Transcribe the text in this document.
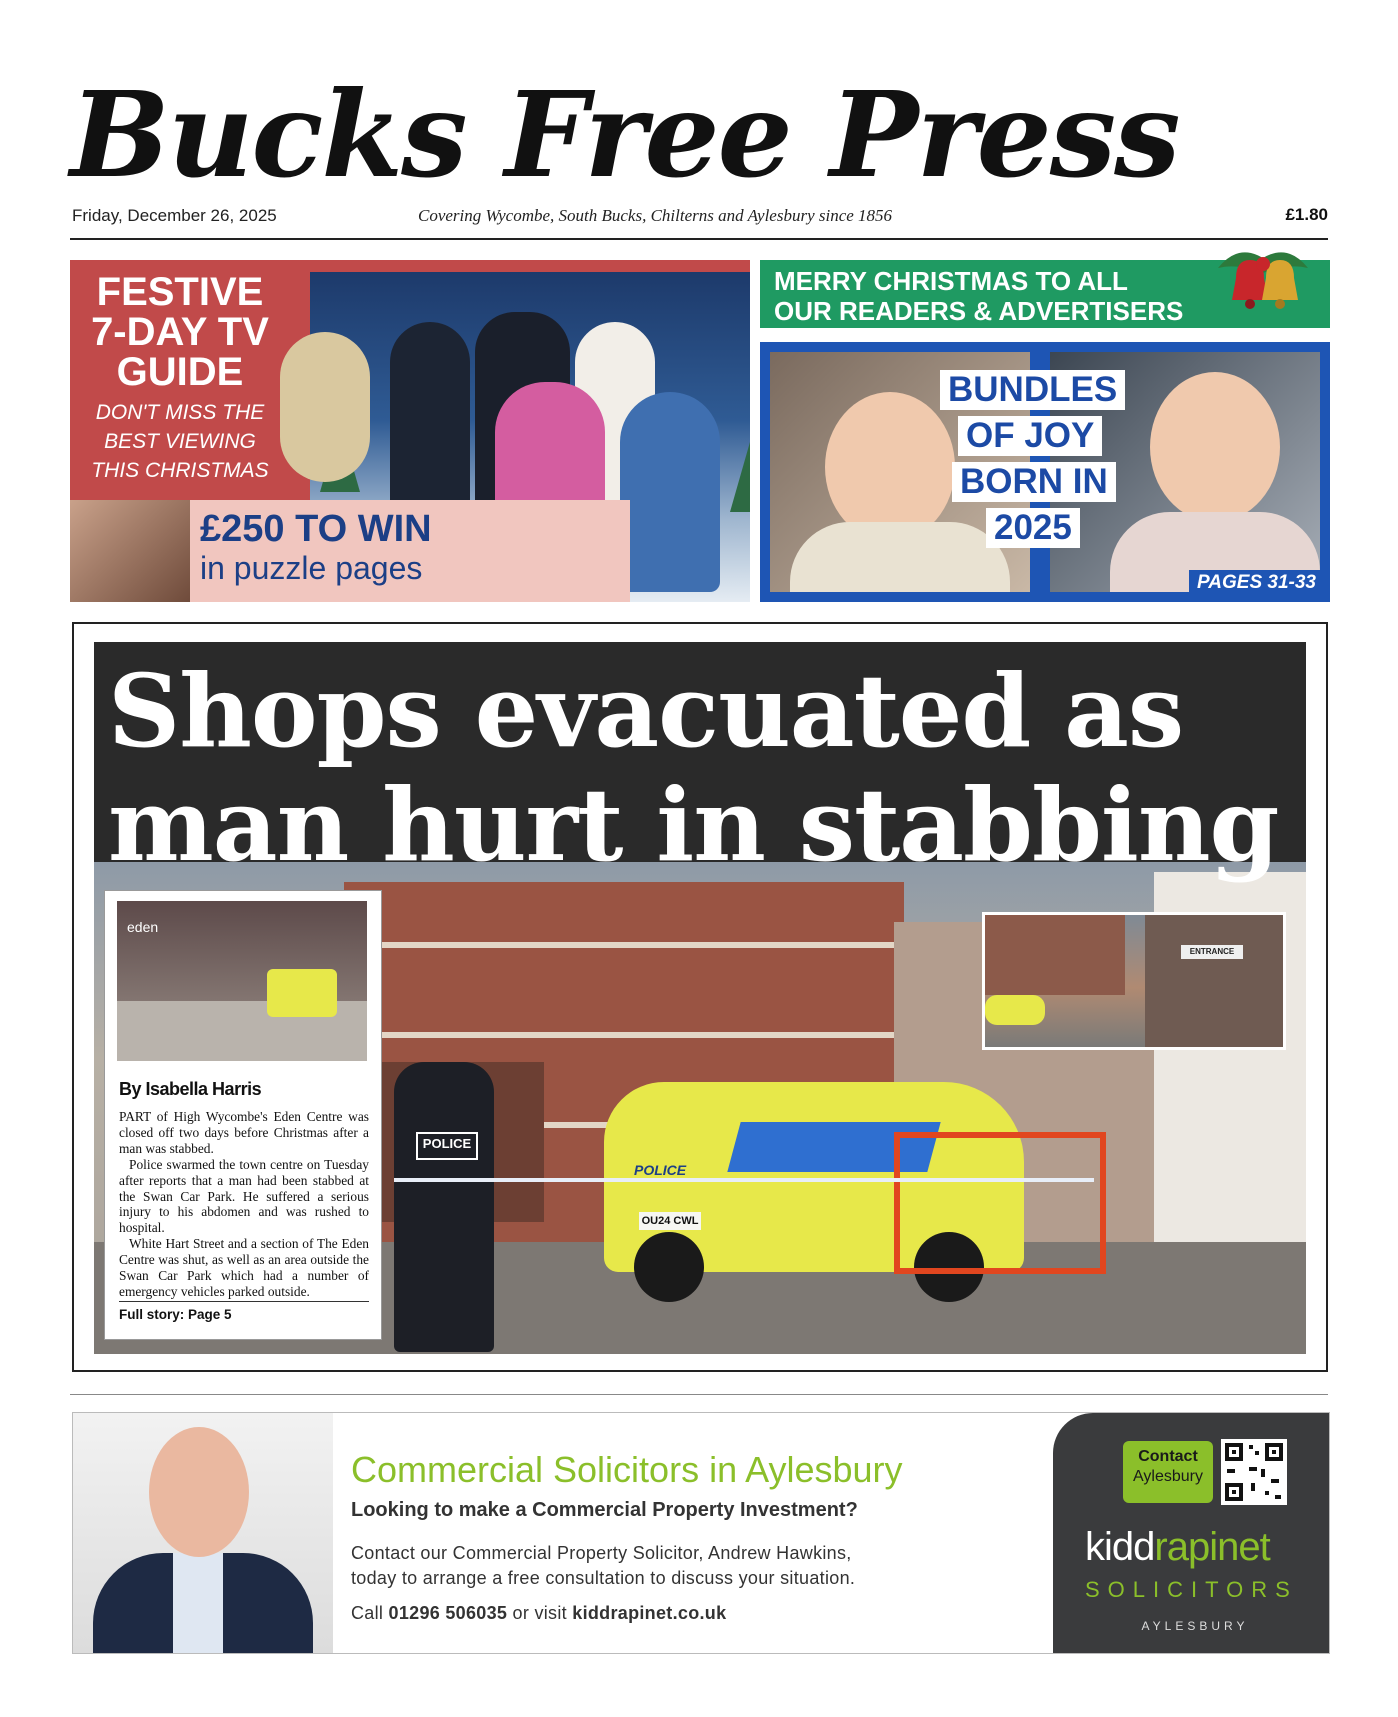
Bucks Free Press
Friday, December 26, 2025	Covering Wycombe, South Bucks, Chilterns and Aylesbury since 1856	£1.80
FESTIVE
7-DAY TV
GUIDE
DON'T MISS THE
BEST VIEWING
THIS CHRISTMAS
£250 TO WIN
in puzzle pages
MERRY CHRISTMAS TO ALL
OUR READERS & ADVERTISERS
BUNDLES
OF JOY
BORN IN
2025
PAGES 31-33
POLICE
POLICE
OU24 CWL
Shops evacuated as
man hurt in stabbing
ENTRANCE
eden
By Isabella Harris

PART of High Wycombe's Eden Centre was closed off two days before Christmas after a man was stabbed.

Police swarmed the town centre on Tuesday after reports that a man had been stabbed at the Swan Car Park. He suffered a serious injury to his abdomen and was rushed to hospital.

White Hart Street and a section of The Eden Centre was shut, as well as an area outside the Swan Car Park which had a number of emergency vehicles parked outside.

Full story: Page 5
Commercial Solicitors in Aylesbury
Looking to make a Commercial Property Investment?
Contact our Commercial Property Solicitor, Andrew Hawkins,
today to arrange a free consultation to discuss your situation.
Call 01296 506035 or visit kiddrapinet.co.uk
Contact
Aylesbury
kiddrapinet
SOLICITORS
AYLESBURY
